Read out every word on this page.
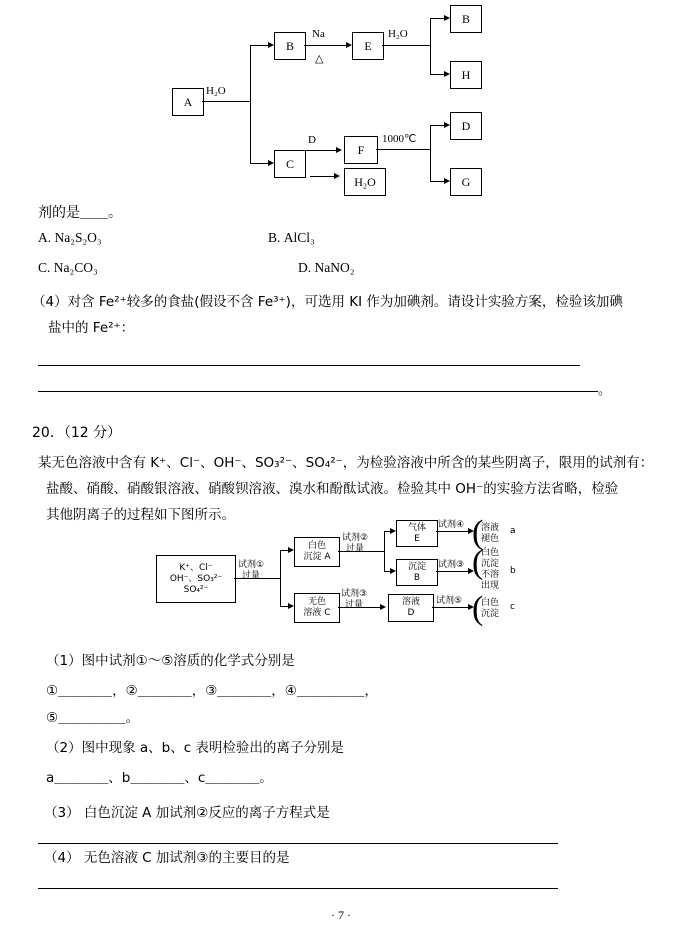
A
H₂O
B
C
Na
△
E
H₂O
B
H
D
F
H₂O
1000℃
D
G
剂的是＿＿。
A. Na₂S₂O₃	B. AlCl₃
C. Na₂CO₃	D. NaNO₂
（4）对含 Fe²⁺较多的食盐(假设不含 Fe³⁺)，可选用 KI 作为加碘剂。请设计实验方案，检验该加碘
盐中的 Fe²⁺：
。
20．（12 分）
某无色溶液中含有 K⁺、Cl⁻、OH⁻、SO₃²⁻、SO₄²⁻，为检验溶液中所含的某些阴离子，限用的试剂有：
盐酸、硝酸、硝酸银溶液、硝酸钡溶液、溴水和酚酞试液。检验其中 OH⁻的实验方法省略，检验
其他阴离子的过程如下图所示。
K⁺、Cl⁻
OH⁻、SO₃²⁻
SO₄²⁻
试剂①
过量
白色
沉淀 A
无色
溶液 C
试剂②
过量
气体
E
沉淀
B
试剂③
过量	溶液
D
试剂④
试剂③
试剂⑤
(
溶液
褪色
a
(
白色
沉淀
不溶
出现
b
(
白色
沉淀
c
（1）图中试剂①～⑤溶质的化学式分别是
①＿＿＿＿，②＿＿＿＿，③＿＿＿＿，④＿＿＿＿＿，
⑤＿＿＿＿＿。
（2）图中现象 a、b、c 表明检验出的离子分别是
a＿＿＿＿、b＿＿＿＿、c＿＿＿＿。
（3） 白色沉淀 A 加试剂②反应的离子方程式是
（4） 无色溶液 C 加试剂③的主要目的是
· 7 ·
